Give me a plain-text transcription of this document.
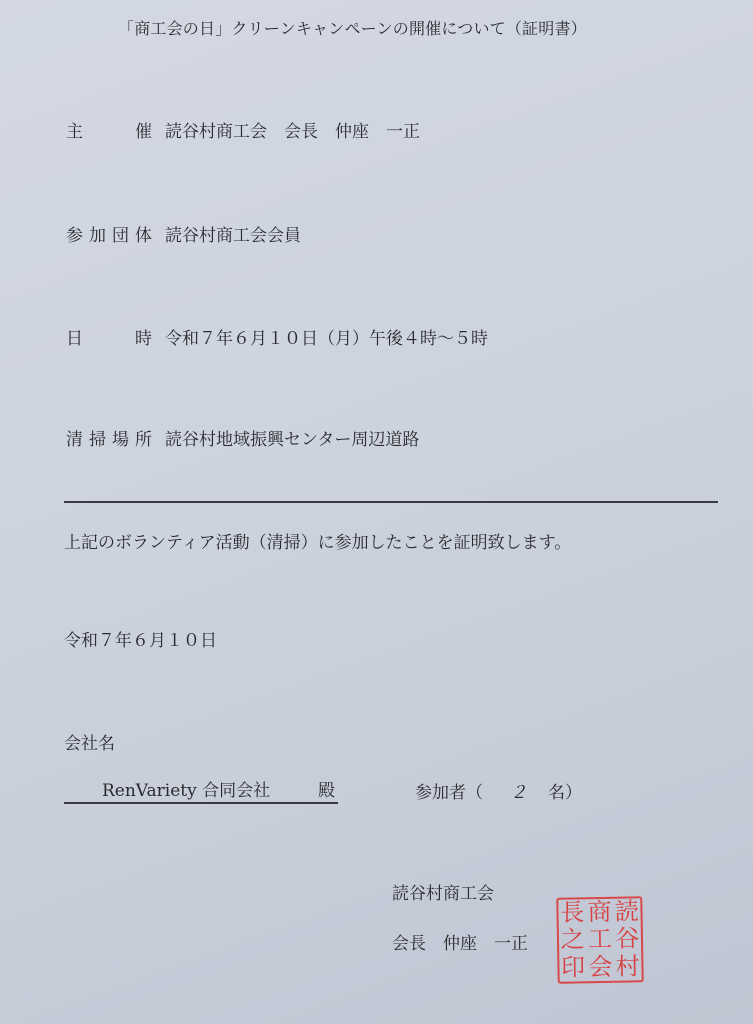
「商工会の日」クリーンキャンペーンの開催について（証明書）
主	催 読谷村商工会　会長　仲座　一正
参 加 団 体 読谷村商工会会員
日	時 令和７年６月１０日（月）午後４時～５時
清 掃 場 所 読谷村地域振興センター周辺道路
上記のボランティア活動（清掃）に参加したことを証明致します。
令和７年６月１０日
会社名
RenVariety 合同会社	殿	参加者（ ２ 名）
読谷村商工会
会長　仲座　一正
長 商 読
之 工 谷
印 会 村
